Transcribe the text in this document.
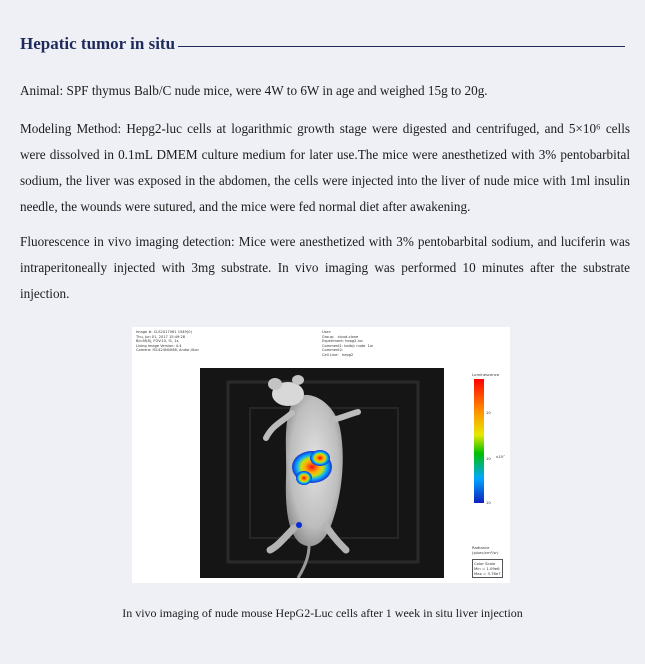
Hepatic tumor in situ
Animal: SPF thymus Balb/C nude mice, were 4W to 6W in age and weighed 15g to 20g.
Modeling Method: Hepg2-luc cells at logarithmic growth stage were digested and centrifuged, and 5×10⁶ cells were dissolved in 0.1mL DMEM culture medium for later use.The mice were anesthetized with 3% pentobarbital sodium, the liver was exposed in the abdomen, the cells were injected into the liver of nude mice with 1ml insulin needle, the wounds were sutured, and the mice were fed normal diet after awakening.
Fluorescence in vivo imaging detection: Mice were anesthetized with 3% pentobarbital sodium, and luciferin was intraperitoneally injected with 3mg substrate. In vivo imaging was performed 10 minutes after the substrate injection.
Image #: CLS2017061 1549(0)
Thu, Jun 01, 2017 15:49:28
Bin:M(8), FOV:10, f1, 1s
Living Image Version: 4.4
Camera: IS1424N0068, Andor,iXon
User:
Group:   cloud-clone
Experiment: hepg2-luc
Comment1: balb/c nude  1w
Comment2:
Cell Line:   hepg2
Luminescence
10
10 x10⁷
10
Radiance
(p/sec/cm²/sr)
Color Scale
Min = 1.09e6
Max = 3.76e7
In vivo imaging of nude mouse HepG2-Luc cells after 1 week in situ liver injection
